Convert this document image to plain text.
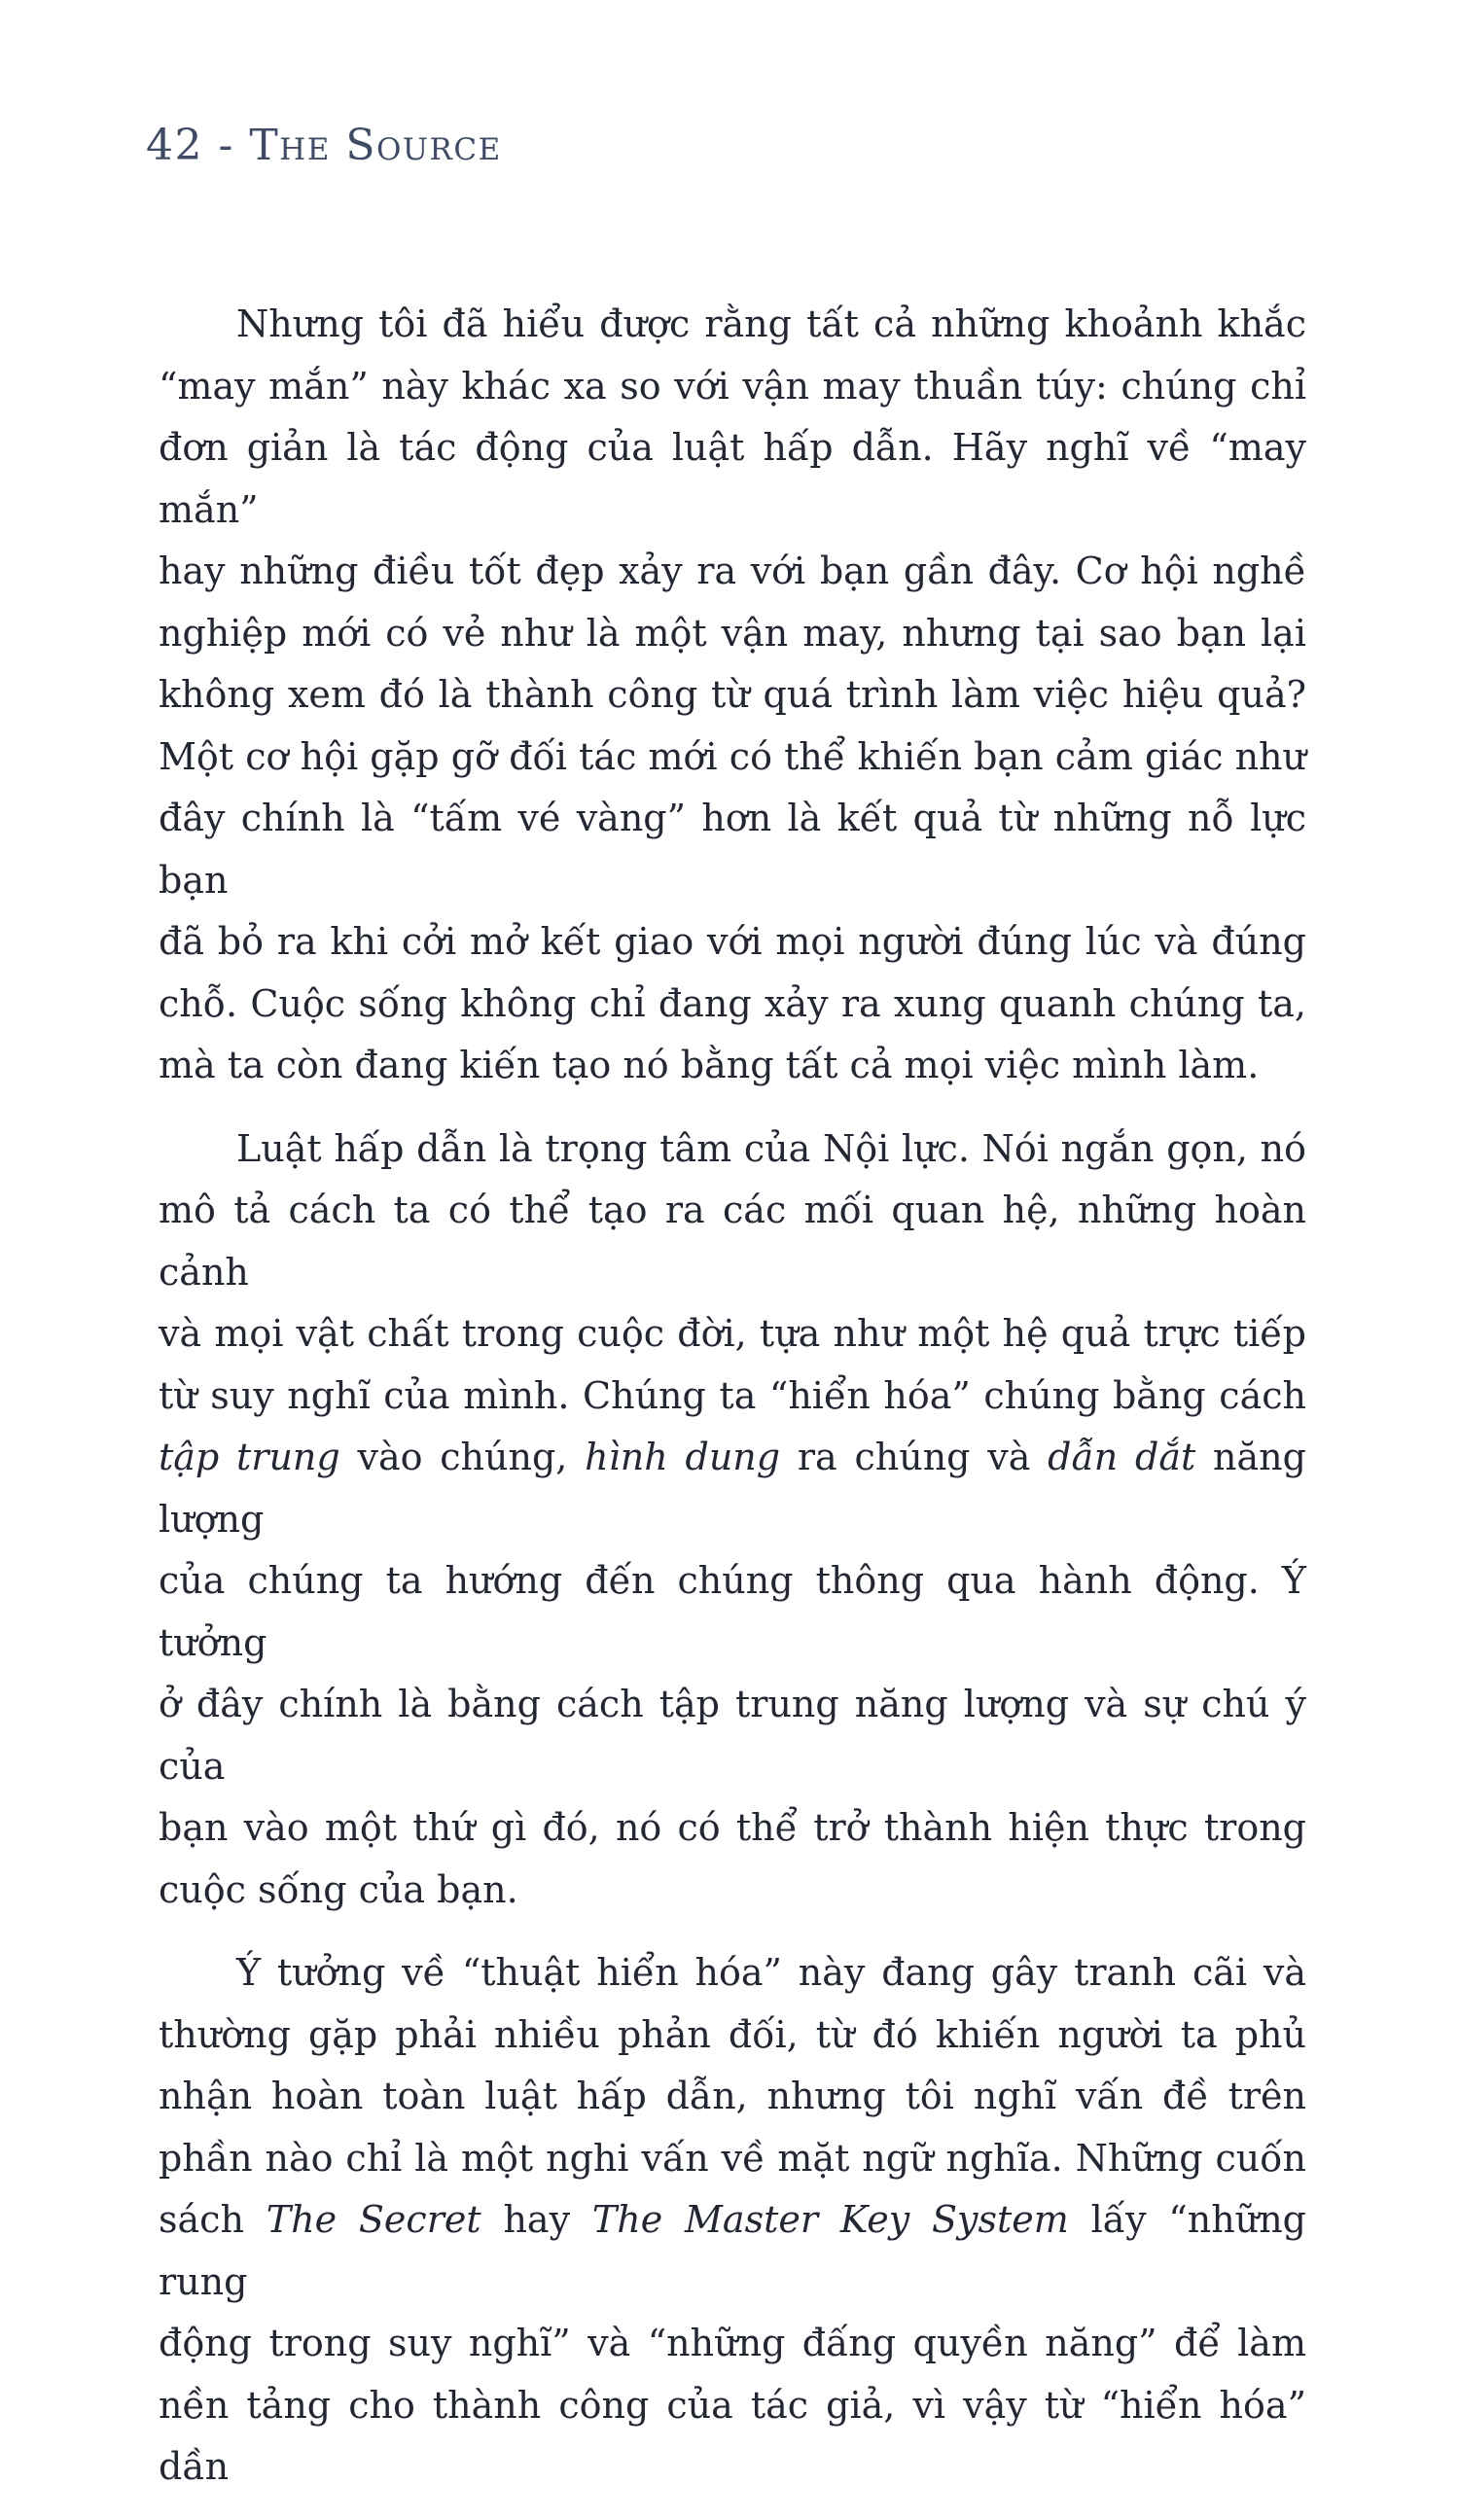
42 - The Source
Nhưng tôi đã hiểu được rằng tất cả những khoảnh khắc
“may mắn” này khác xa so với vận may thuần túy: chúng chỉ
đơn giản là tác động của luật hấp dẫn. Hãy nghĩ về “may mắn”
hay những điều tốt đẹp xảy ra với bạn gần đây. Cơ hội nghề
nghiệp mới có vẻ như là một vận may, nhưng tại sao bạn lại
không xem đó là thành công từ quá trình làm việc hiệu quả?
Một cơ hội gặp gỡ đối tác mới có thể khiến bạn cảm giác như
đây chính là “tấm vé vàng” hơn là kết quả từ những nỗ lực bạn
đã bỏ ra khi cởi mở kết giao với mọi người đúng lúc và đúng
chỗ. Cuộc sống không chỉ đang xảy ra xung quanh chúng ta,
mà ta còn đang kiến tạo nó bằng tất cả mọi việc mình làm.
Luật hấp dẫn là trọng tâm của Nội lực. Nói ngắn gọn, nó
mô tả cách ta có thể tạo ra các mối quan hệ, những hoàn cảnh
và mọi vật chất trong cuộc đời, tựa như một hệ quả trực tiếp
từ suy nghĩ của mình. Chúng ta “hiển hóa” chúng bằng cách
tập trung vào chúng, hình dung ra chúng và dẫn dắt năng lượng
của chúng ta hướng đến chúng thông qua hành động. Ý tưởng
ở đây chính là bằng cách tập trung năng lượng và sự chú ý của
bạn vào một thứ gì đó, nó có thể trở thành hiện thực trong
cuộc sống của bạn.
Ý tưởng về “thuật hiển hóa” này đang gây tranh cãi và
thường gặp phải nhiều phản đối, từ đó khiến người ta phủ
nhận hoàn toàn luật hấp dẫn, nhưng tôi nghĩ vấn đề trên
phần nào chỉ là một nghi vấn về mặt ngữ nghĩa. Những cuốn
sách The Secret hay The Master Key System lấy “những rung
động trong suy nghĩ” và “những đấng quyền năng” để làm
nền tảng cho thành công của tác giả, vì vậy từ “hiển hóa” dần
